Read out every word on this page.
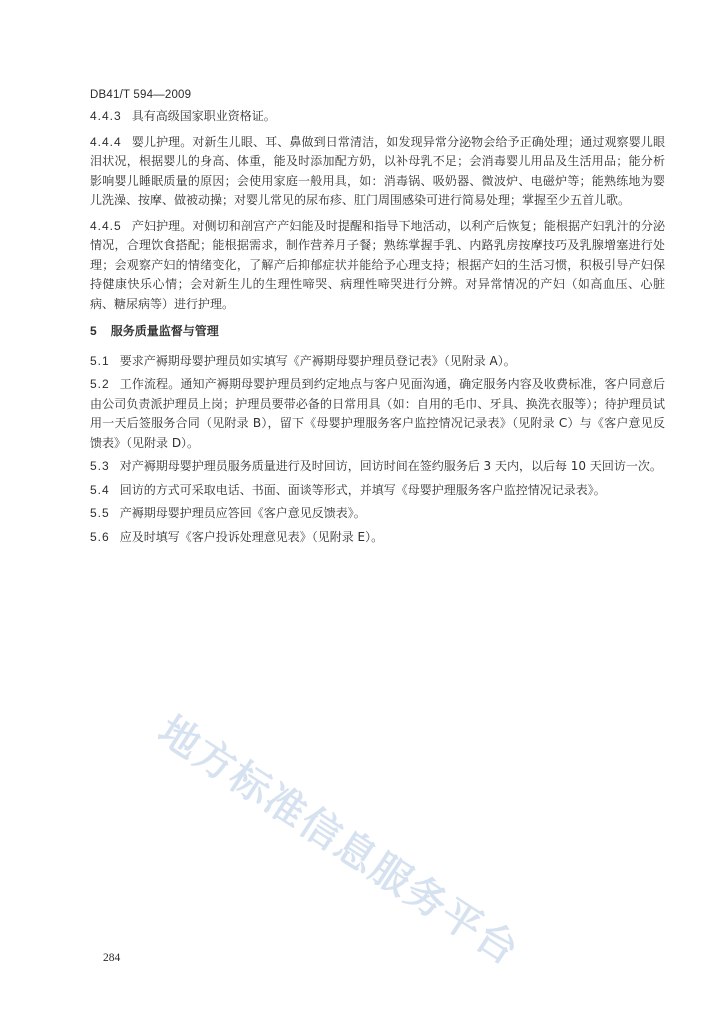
DB41/T 594—2009

4.4.3 具有高级国家职业资格证。

4.4.4 婴儿护理。对新生儿眼、耳、鼻做到日常清洁，如发现异常分泌物会给予正确处理；通过观察婴儿眼泪状况，根据婴儿的身高、体重，能及时添加配方奶，以补母乳不足；会消毒婴儿用品及生活用品；能分析影响婴儿睡眠质量的原因；会使用家庭一般用具，如：消毒锅、吸奶器、微波炉、电磁炉等；能熟练地为婴儿洗澡、按摩、做被动操；对婴儿常见的尿布疹、肛门周围感染可进行简易处理；掌握至少五首儿歌。

4.4.5 产妇护理。对侧切和剖宫产产妇能及时提醒和指导下地活动，以利产后恢复；能根据产妇乳汁的分泌情况，合理饮食搭配；能根据需求，制作营养月子餐；熟练掌握手乳、内路乳房按摩技巧及乳腺增塞进行处理；会观察产妇的情绪变化，了解产后抑郁症状并能给予心理支持；根据产妇的生活习惯，积极引导产妇保持健康快乐心情；会对新生儿的生理性啼哭、病理性啼哭进行分辨。对异常情况的产妇（如高血压、心脏病、糖尿病等）进行护理。

5 服务质量监督与管理

5.1 要求产褥期母婴护理员如实填写《产褥期母婴护理员登记表》（见附录 A）。

5.2 工作流程。通知产褥期母婴护理员到约定地点与客户见面沟通，确定服务内容及收费标准，客户同意后由公司负责派护理员上岗；护理员要带必备的日常用具（如：自用的毛巾、牙具、换洗衣服等）；待护理员试用一天后签服务合同（见附录 B），留下《母婴护理服务客户监控情况记录表》（见附录 C）与《客户意见反馈表》（见附录 D）。

5.3 对产褥期母婴护理员服务质量进行及时回访，回访时间在签约服务后 3 天内，以后每 10 天回访一次。

5.4 回访的方式可采取电话、书面、面谈等形式，并填写《母婴护理服务客户监控情况记录表》。

5.5 产褥期母婴护理员应答回《客户意见反馈表》。

5.6 应及时填写《客户投诉处理意见表》（见附录 E）。

地方标准信息服务平台
284
